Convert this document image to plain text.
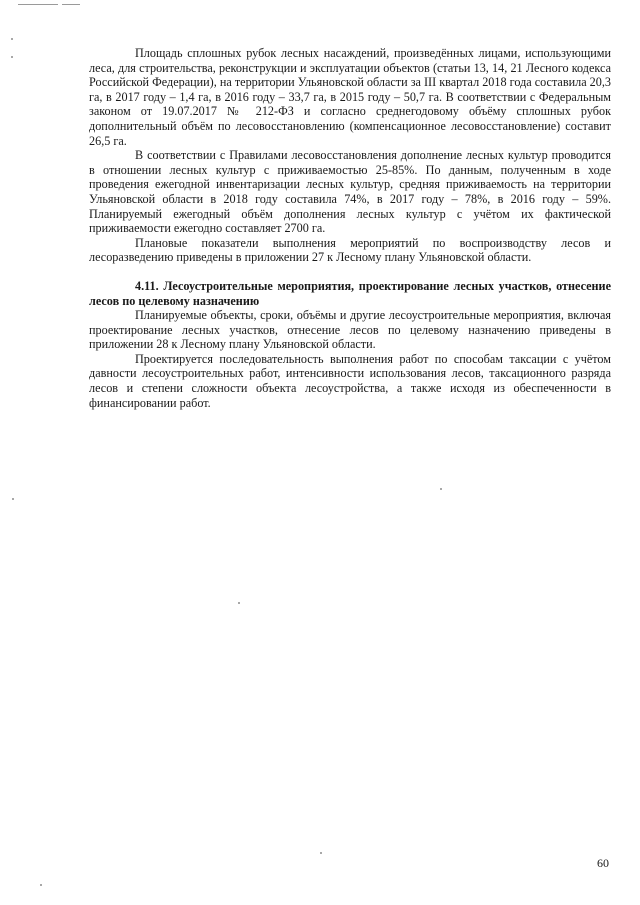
Площадь сплошных рубок лесных насаждений, произведённых лицами, использующими леса, для строительства, реконструкции и эксплуатации объектов (статьи 13, 14, 21 Лесного кодекса Российской Федерации), на территории Ульяновской области за III квартал 2018 года составила 20,3 га, в 2017 году – 1,4 га, в 2016 году – 33,7 га, в 2015 году – 50,7 га. В соответствии с Федеральным законом от 19.07.2017 № 212-ФЗ и согласно среднегодовому объёму сплошных рубок дополнительный объём по лесовосстановлению (компенсационное лесовосстановление) составит 26,5 га.

В соответствии с Правилами лесовосстановления дополнение лесных культур проводится в отношении лесных культур с приживаемостью 25-85%. По данным, полученным в ходе проведения ежегодной инвентаризации лесных культур, средняя приживаемость на территории Ульяновской области в 2018 году составила 74%, в 2017 году – 78%, в 2016 году – 59%. Планируемый ежегодный объём дополнения лесных культур с учётом их фактической приживаемости ежегодно составляет 2700 га.

Плановые показатели выполнения мероприятий по воспроизводству лесов и лесоразведению приведены в приложении 27 к Лесному плану Ульяновской области.

4.11. Лесоустроительные мероприятия, проектирование лесных участков, отнесение лесов по целевому назначению

Планируемые объекты, сроки, объёмы и другие лесоустроительные мероприятия, включая проектирование лесных участков, отнесение лесов по целевому назначению приведены в приложении 28 к Лесному плану Ульяновской области.

Проектируется последовательность выполнения работ по способам таксации с учётом давности лесоустроительных работ, интенсивности использования лесов, таксационного разряда лесов и степени сложности объекта лесоустройства, а также исходя из обеспеченности в финансировании работ.

60
